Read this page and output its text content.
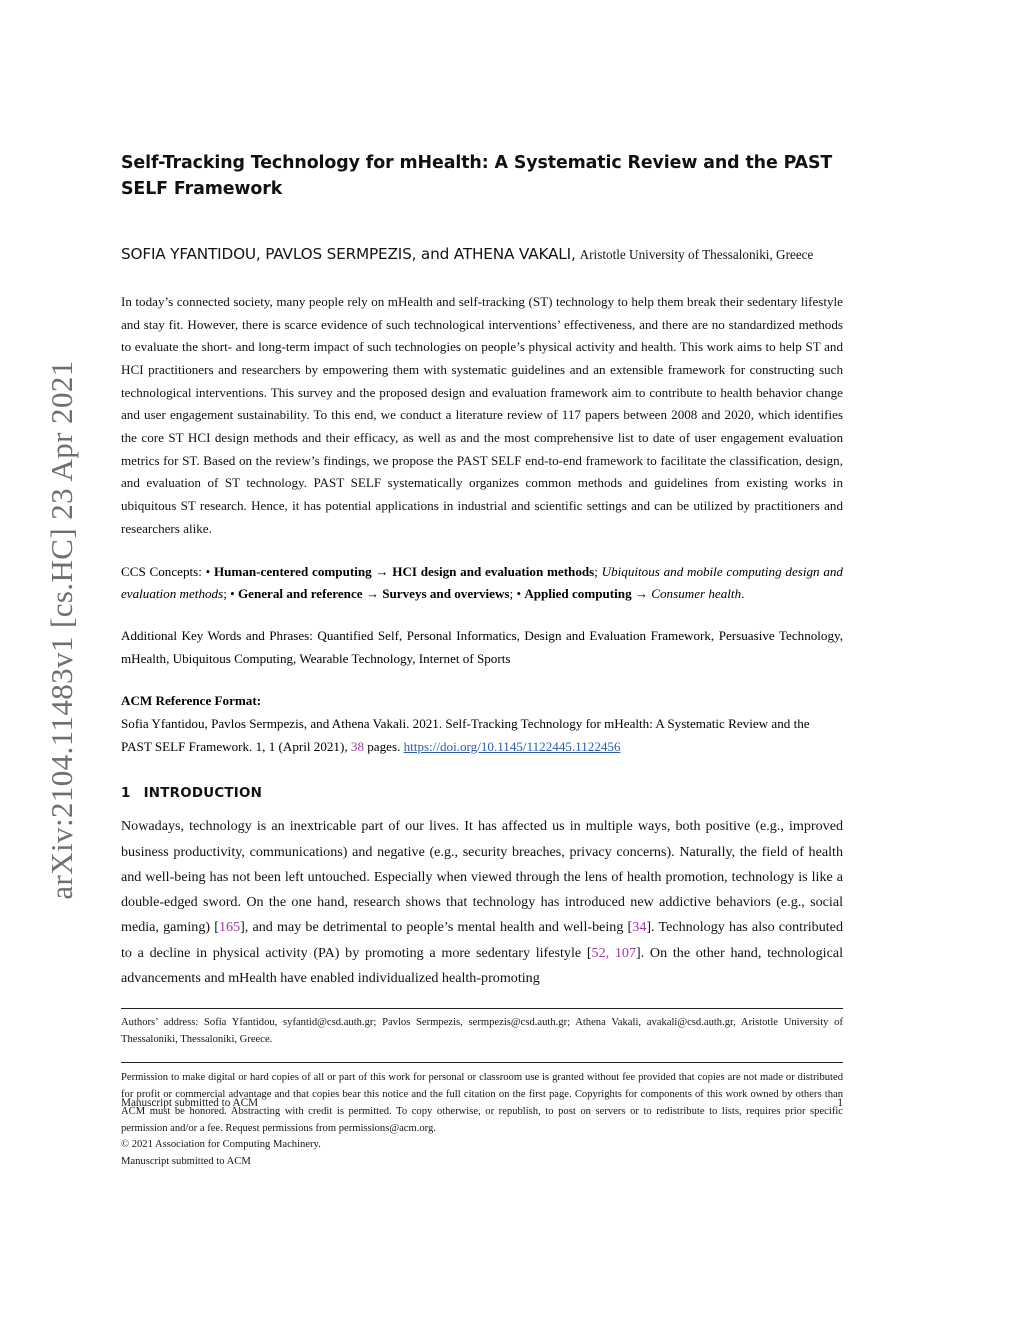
arXiv:2104.11483v1 [cs.HC] 23 Apr 2021
Self-Tracking Technology for mHealth: A Systematic Review and the PAST SELF Framework
SOFIA YFANTIDOU, PAVLOS SERMPEZIS, and ATHENA VAKALI, Aristotle University of Thessaloniki, Greece

In today’s connected society, many people rely on mHealth and self-tracking (ST) technology to help them break their sedentary lifestyle and stay fit. However, there is scarce evidence of such technological interventions’ effectiveness, and there are no standardized methods to evaluate the short- and long-term impact of such technologies on people’s physical activity and health. This work aims to help ST and HCI practitioners and researchers by empowering them with systematic guidelines and an extensible framework for constructing such technological interventions. This survey and the proposed design and evaluation framework aim to contribute to health behavior change and user engagement sustainability. To this end, we conduct a literature review of 117 papers between 2008 and 2020, which identifies the core ST HCI design methods and their efficacy, as well as and the most comprehensive list to date of user engagement evaluation metrics for ST. Based on the review’s findings, we propose the PAST SELF end-to-end framework to facilitate the classification, design, and evaluation of ST technology. PAST SELF systematically organizes common methods and guidelines from existing works in ubiquitous ST research. Hence, it has potential applications in industrial and scientific settings and can be utilized by practitioners and researchers alike.

CCS Concepts: • Human-centered computing → HCI design and evaluation methods; Ubiquitous and mobile computing design and evaluation methods; • General and reference → Surveys and overviews; • Applied computing → Consumer health.

Additional Key Words and Phrases: Quantified Self, Personal Informatics, Design and Evaluation Framework, Persuasive Technology, mHealth, Ubiquitous Computing, Wearable Technology, Internet of Sports

ACM Reference Format:
Sofia Yfantidou, Pavlos Sermpezis, and Athena Vakali. 2021. Self-Tracking Technology for mHealth: A Systematic Review and the PAST SELF Framework. 1, 1 (April 2021), 38 pages. https://doi.org/10.1145/1122445.1122456

1 INTRODUCTION

Nowadays, technology is an inextricable part of our lives. It has affected us in multiple ways, both positive (e.g., improved business productivity, communications) and negative (e.g., security breaches, privacy concerns). Naturally, the field of health and well-being has not been left untouched. Especially when viewed through the lens of health promotion, technology is like a double-edged sword. On the one hand, research shows that technology has introduced new addictive behaviors (e.g., social media, gaming) [165], and may be detrimental to people’s mental health and well-being [34]. Technology has also contributed to a decline in physical activity (PA) by promoting a more sedentary lifestyle [52, 107]. On the other hand, technological advancements and mHealth have enabled individualized health-promoting

Authors’ address: Sofia Yfantidou, syfantid@csd.auth.gr; Pavlos Sermpezis, sermpezis@csd.auth.gr; Athena Vakali, avakali@csd.auth.gr, Aristotle University of Thessaloniki, Thessaloniki, Greece.

Permission to make digital or hard copies of all or part of this work for personal or classroom use is granted without fee provided that copies are not made or distributed for profit or commercial advantage and that copies bear this notice and the full citation on the first page. Copyrights for components of this work owned by others than ACM must be honored. Abstracting with credit is permitted. To copy otherwise, or republish, to post on servers or to redistribute to lists, requires prior specific permission and/or a fee. Request permissions from permissions@acm.org.

© 2021 Association for Computing Machinery.

Manuscript submitted to ACM

Manuscript submitted to ACM	1
